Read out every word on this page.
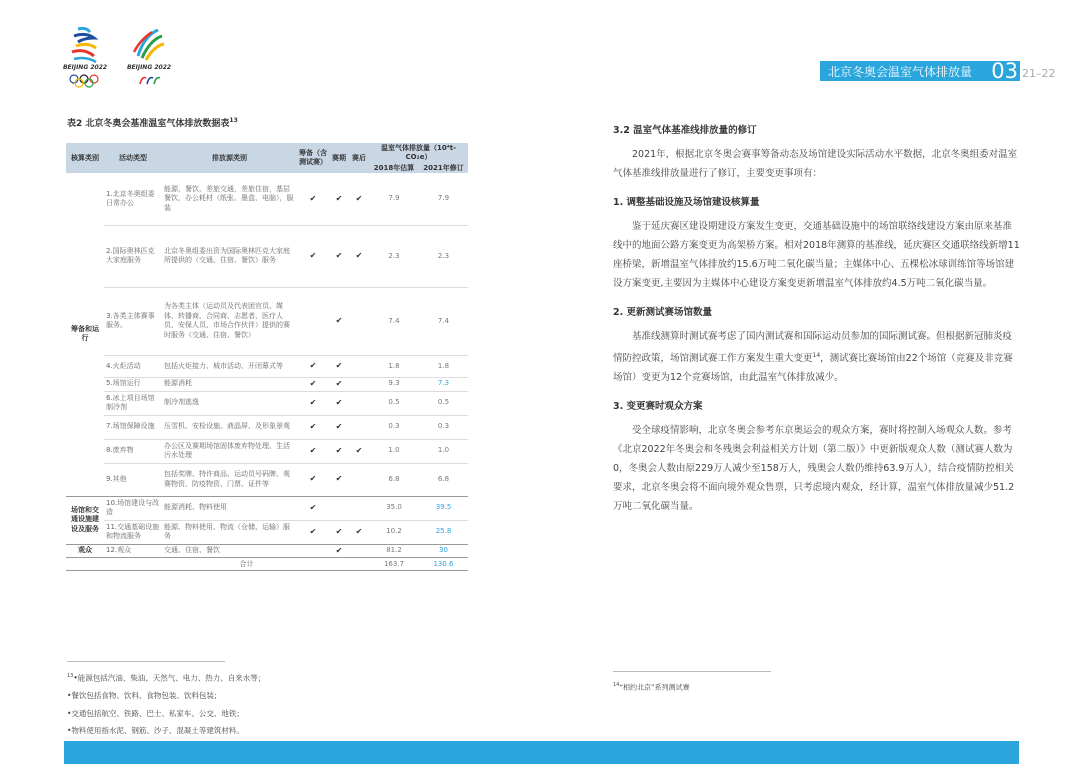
BEIJING 2022	BEIJING 2022	北京冬奥会温室气体排放量 03 21–22
表2 北京冬奥会基准温室气体排放数据表$^{13}$
核算类别	活动类型	排放源类别	筹备（含测试赛）	赛期	赛后	温室气体排放量（10⁴t-CO₂e）	
						2018年估算	2021年修订
筹备和运行	1.北京冬奥组委日常办公	能源，餐饮，差旅交通，差旅住宿，基层餐饮，办公耗材（纸张、墨盒、电脑），服装	✔	✔	✔	7.9	7.9
	2.国际奥林匹克大家庭服务	北京冬奥组委出资为国际奥林匹克大家庭所提供的（交通、住宿、餐饮）服务	✔	✔	✔	2.3	2.3
	3.各类主体赛事服务。	为各类主体（运动员及代表团官员、媒体、转播商、合同商、志愿者、医疗人员、安保人员、市场合作伙伴）提供的赛时服务（交通、住宿、餐饮）		✔		7.4	7.4
	4.火炬活动	包括火炬接力、城市活动、开闭幕式等	✔	✔		1.8	1.8
	5.场馆运行	能源消耗	✔	✔		9.3	7.3
	6.冰上项目场馆制冷剂	制冷剂逃逸	✔	✔		0.5	0.5
	7.场馆保障设施	压雪机、安检设施、液晶屏、及形象景观	✔	✔		0.3	0.3
	8.废弃物	办公区及赛期场馆固体废弃物处理、生活污水处理	✔	✔	✔	1.0	1.0
	9.其他	包括奖牌、特许商品、运动员号码牌、观赛物资、防疫物资、门票、证件等	✔	✔		6.8	6.8
场馆和交通设施建设及服务	10.场馆建设与改造	能源消耗、物料使用	✔			35.0	39.5
	11.交通基础设施和物流服务	能源、物料使用、物流（仓储、运输）服务	✔	✔	✔	10.2	25.8
观众	12.观众	交通、住宿、餐饮		✔		81.2	30
合计						163.7	130.6
$^{13}$•能源包括汽油、柴油、天然气、电力、热力、自来水等；
•餐饮包括食物、饮料、食物包装、饮料包装；
•交通包括航空、铁路、巴士、私家车、公交、地铁；
•物料使用指水泥、钢筋、沙子、混凝土等建筑材料。
3.2 温室气体基准线排放量的修订

2021年，根据北京冬奥会赛事筹备动态及场馆建设实际活动水平数据，北京冬奥组委对温室气体基准线排放量进行了修订，主要变更事项有：

1. 调整基础设施及场馆建设核算量

鉴于延庆赛区建设期建设方案发生变更，交通基础设施中的场馆联络线建设方案由原来基准线中的地面公路方案变更为高架桥方案。相对2018年测算的基准线，延庆赛区交通联络线新增11座桥梁，新增温室气体排放约15.6万吨二氧化碳当量；主媒体中心、五棵松冰球训练馆等场馆建设方案变更,主要因为主媒体中心建设方案变更新增温室气体排放约4.5万吨二氧化碳当量。

2. 更新测试赛场馆数量

基准线测算时测试赛考虑了国内测试赛和国际运动员参加的国际测试赛。但根据新冠肺炎疫情防控政策，场馆测试赛工作方案发生重大变更$^{14}$，测试赛比赛场馆由22个场馆（竞赛及非竞赛场馆）变更为12个竞赛场馆，由此温室气体排放减少。

3. 变更赛时观众方案

受全球疫情影响，北京冬奥会参考东京奥运会的观众方案，赛时将控制入场观众人数。参考《北京2022年冬奥会和冬残奥会利益相关方计划（第二版）》中更新版观众人数（测试赛人数为0，冬奥会人数由原229万人减少至158万人，残奥会人数仍维持63.9万人），结合疫情防控相关要求，北京冬奥会将不面向境外观众售票，只考虑境内观众，经计算，温室气体排放量减少51.2万吨二氧化碳当量。

$^{14}$“相约北京”系列测试赛
